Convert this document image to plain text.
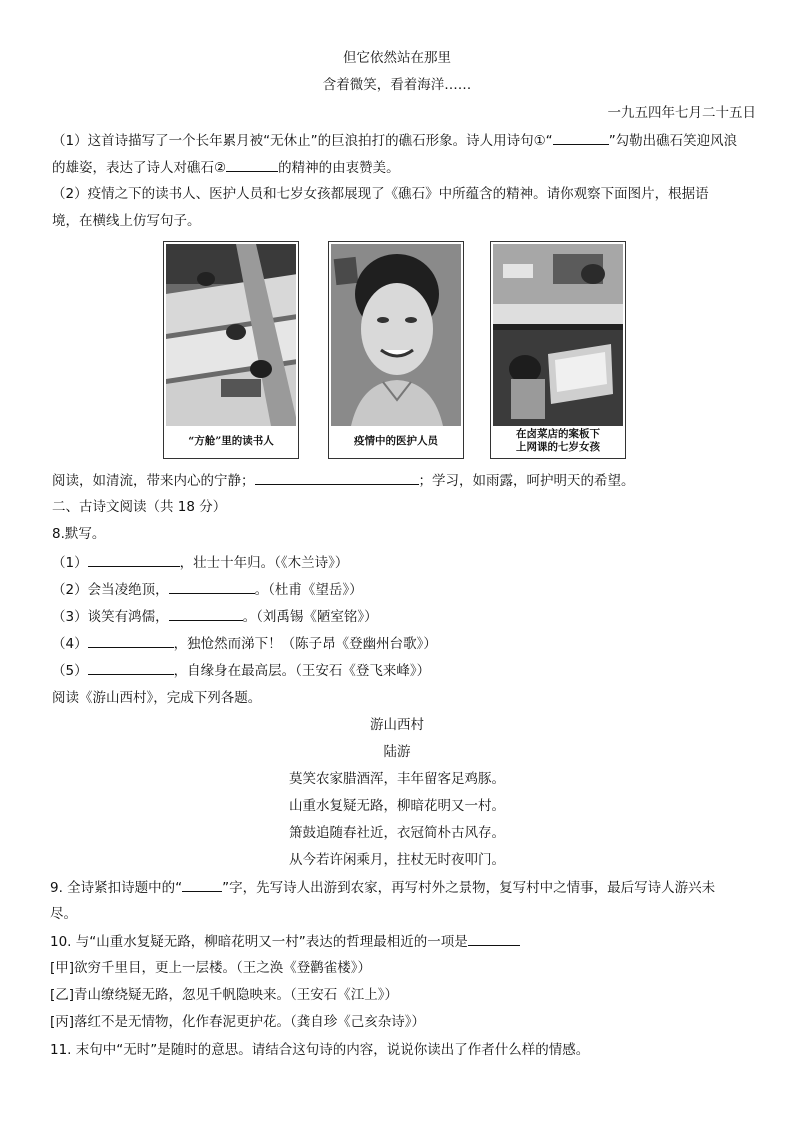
但它依然站在那里
含着微笑，看着海洋……
一九五四年七月二十五日
（1）这首诗描写了一个长年累月被“无休止”的巨浪拍打的礁石形象。诗人用诗句①“	”勾勒出礁石笑迎风浪
的雄姿，表达了诗人对礁石②	的精神的由衷赞美。
（2）疫情之下的读书人、医护人员和七岁女孩都展现了《礁石》中所蕴含的精神。请你观察下面图片，根据语
境，在横线上仿写句子。
“方舱”里的读书人	疫情中的医护人员
在卤菜店的案板下
上网课的七岁女孩
阅读，如清流，带来内心的宁静；	；学习，如雨露，呵护明天的希望。
二、古诗文阅读（共 18 分）
8.默写。
（1）	，壮士十年归。（《木兰诗》）
（2）会当凌绝顶，	。（杜甫《望岳》）
（3）谈笑有鸿儒，	。（刘禹锡《陋室铭》）
（4）	，独怆然而涕下！（陈子昂《登幽州台歌》）
（5）	，自缘身在最高层。（王安石《登飞来峰》）
阅读《游山西村》，完成下列各题。
游山西村
陆游
莫笑农家腊酒浑，丰年留客足鸡豚。
山重水复疑无路，柳暗花明又一村。
箫鼓追随春社近，衣冠简朴古风存。
从今若许闲乘月，拄杖无时夜叩门。
9. 全诗紧扣诗题中的“	”字，先写诗人出游到农家，再写村外之景物，复写村中之情事，最后写诗人游兴未
尽。
10. 与“山重水复疑无路，柳暗花明又一村”表达的哲理最相近的一项是
[甲]欲穷千里目，更上一层楼。（王之涣《登鹳雀楼》）
[乙]青山缭绕疑无路，忽见千帆隐映来。（王安石《江上》）
[丙]落红不是无情物，化作春泥更护花。（龚自珍《己亥杂诗》）
11. 末句中“无时”是随时的意思。请结合这句诗的内容，说说你读出了作者什么样的情感。
